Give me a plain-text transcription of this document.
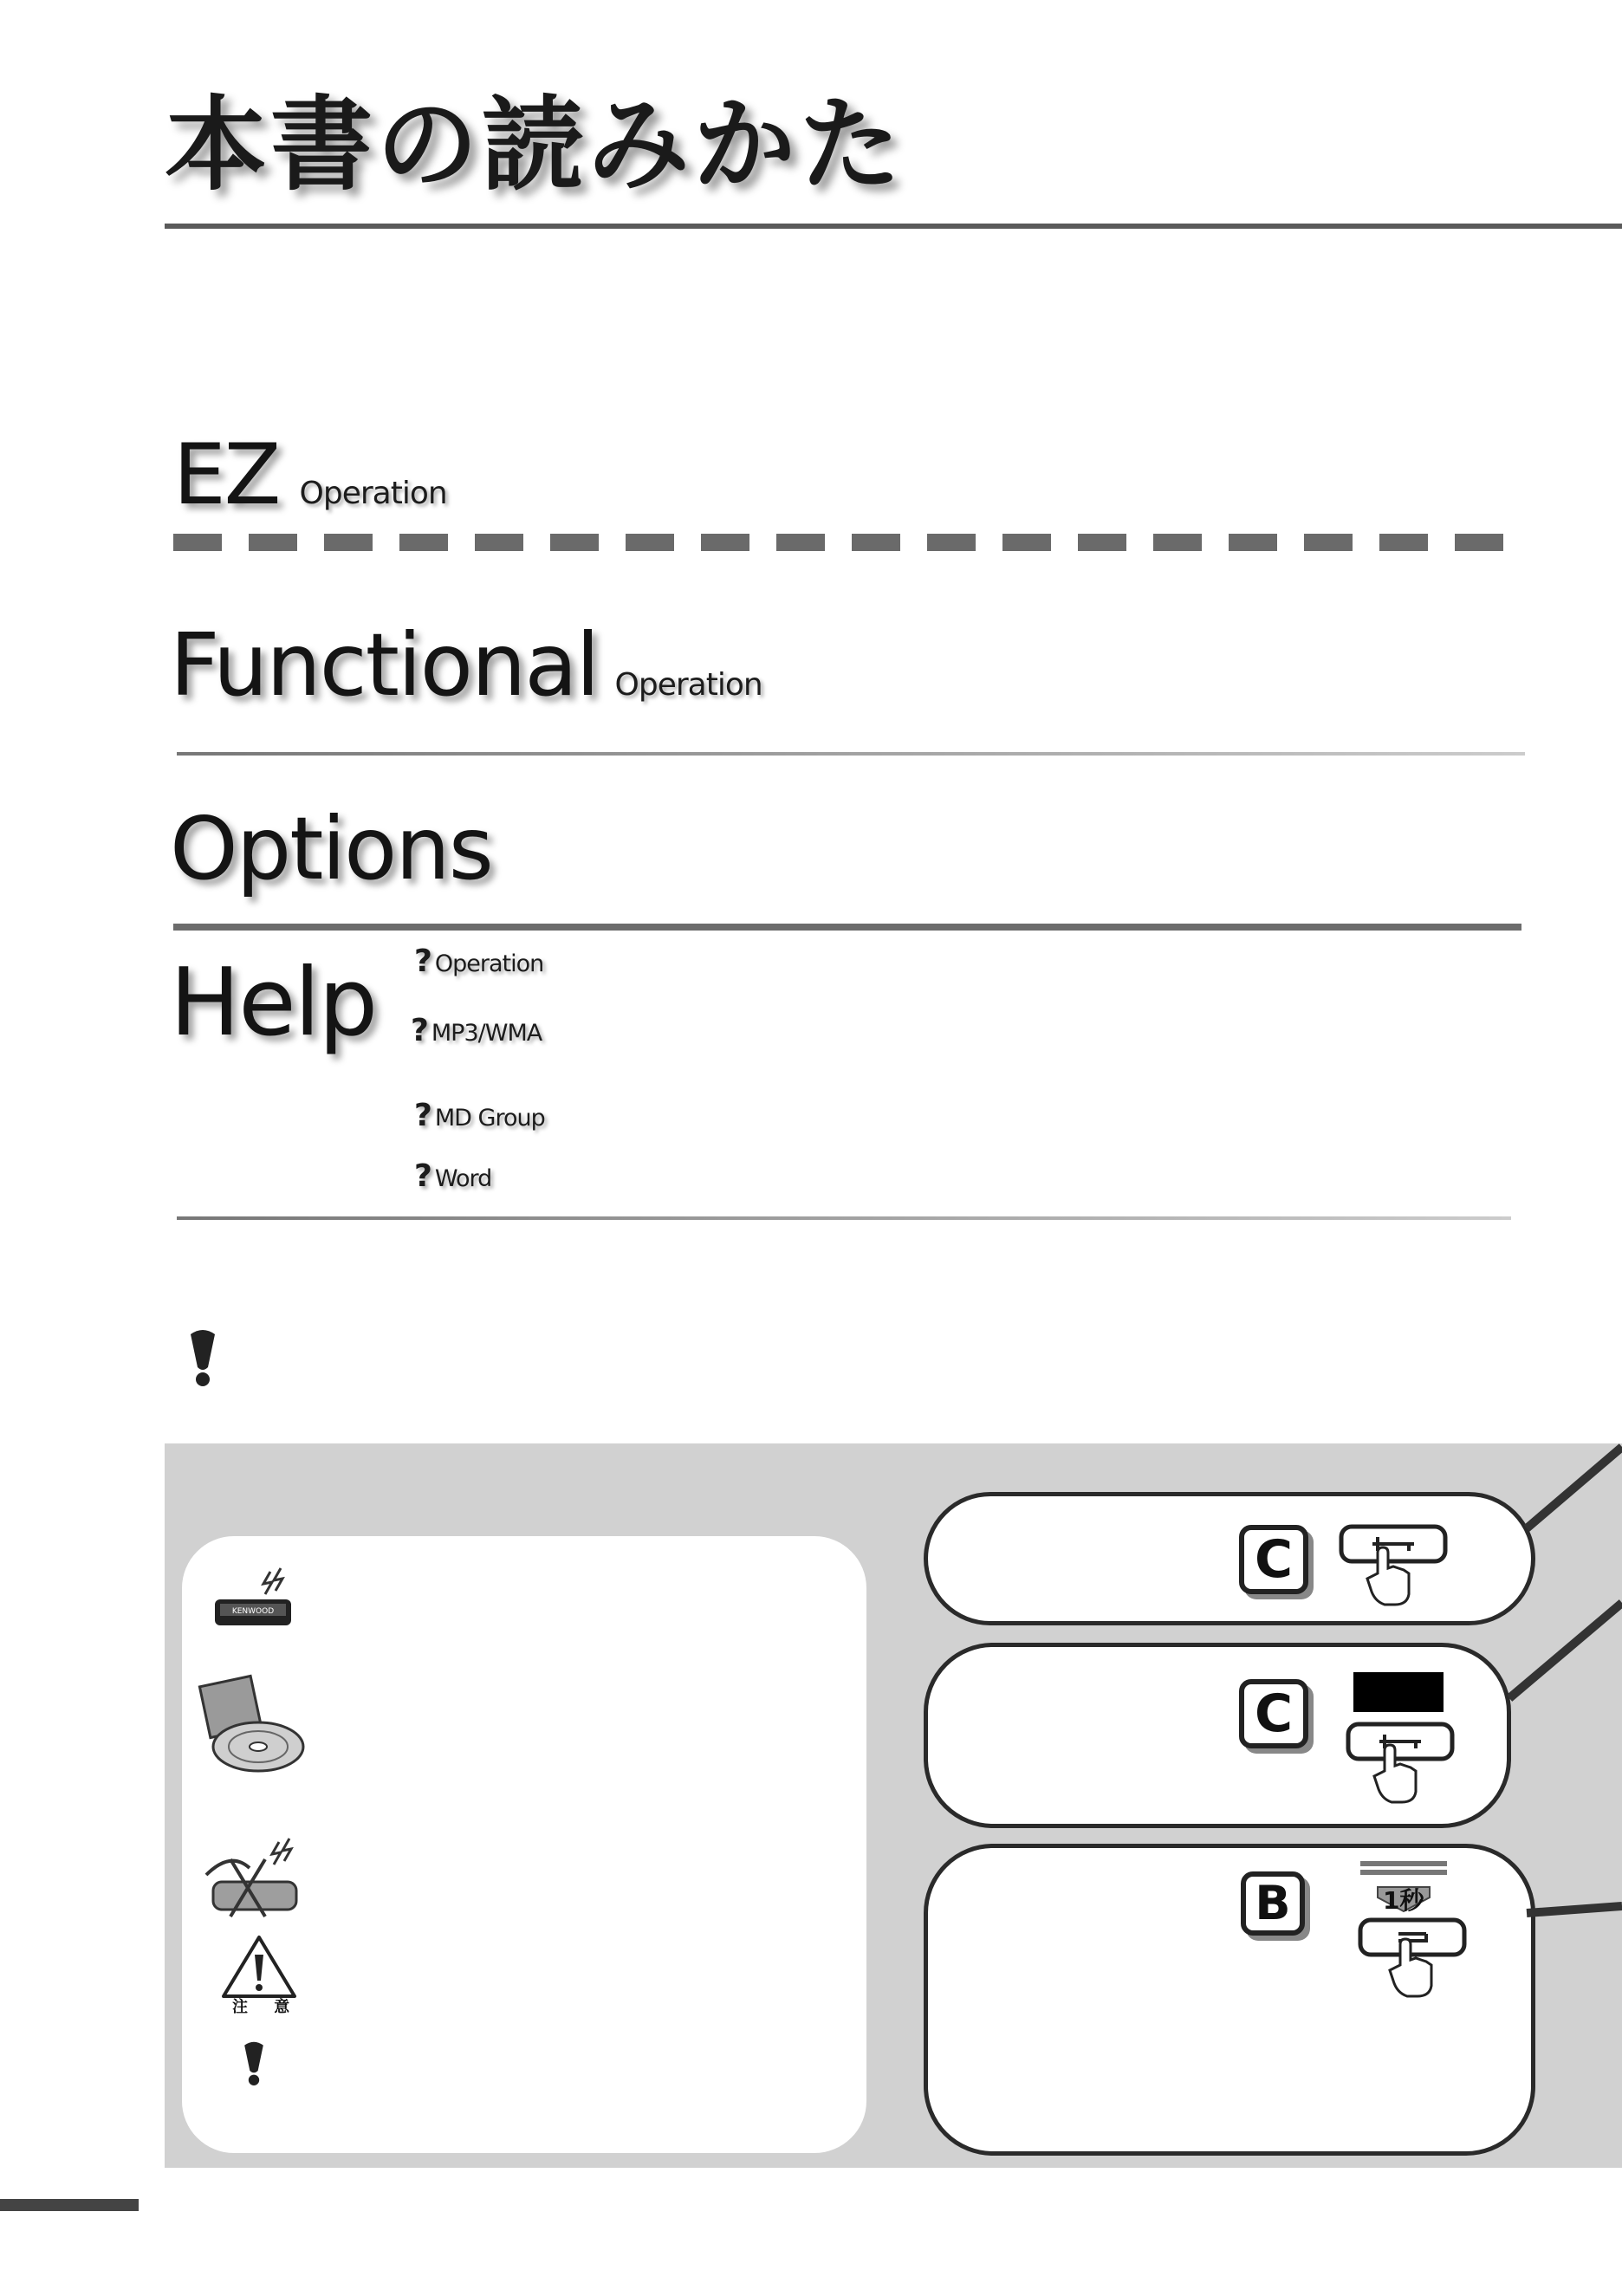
本書の読みかた
EZ Operation
Functional Operation
Options
Help ? Operation
? MP3/WMA
? MD Group
? Word
KENWOOD
注 意
C
C
B	1秒
